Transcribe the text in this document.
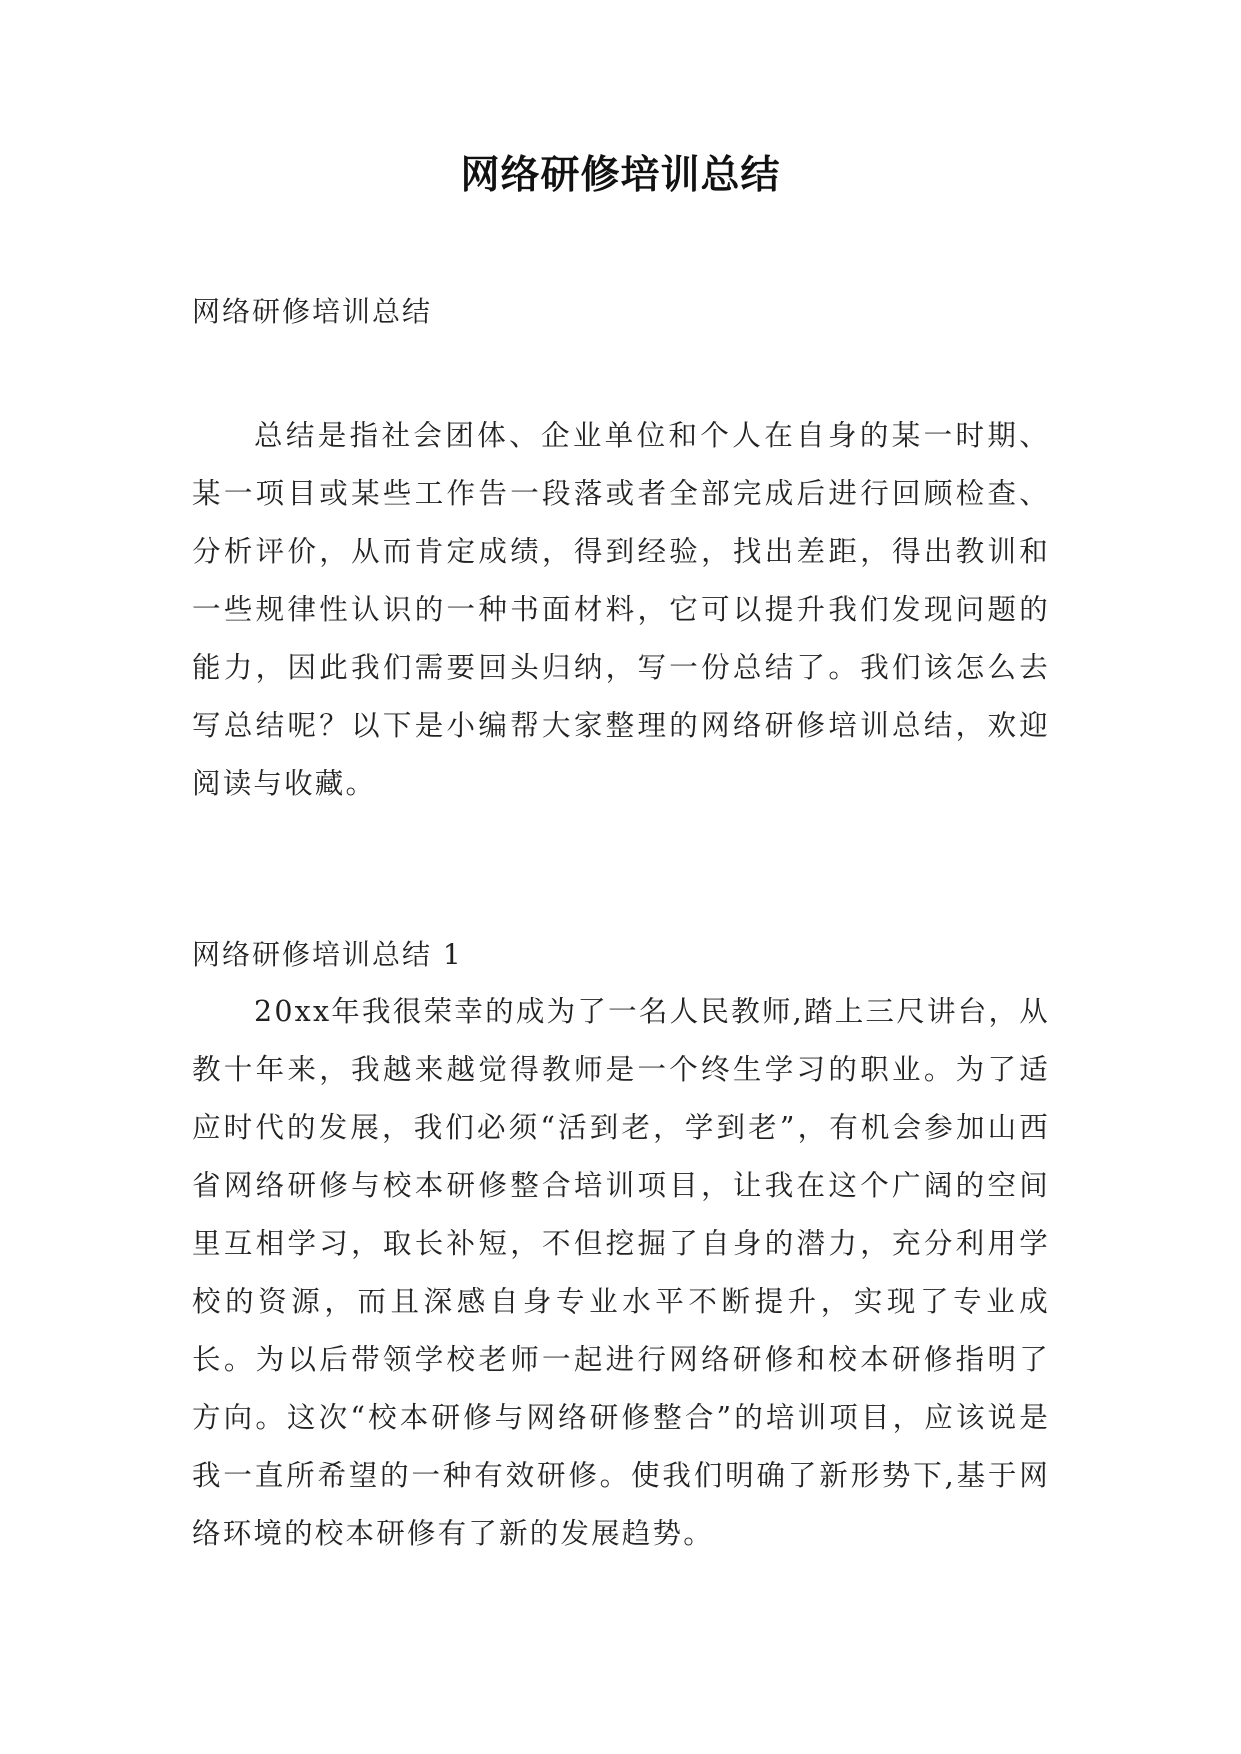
网络研修培训总结
网络研修培训总结

总结是指社会团体、企业单位和个人在自身的某一时期、某一项目或某些工作告一段落或者全部完成后进行回顾检查、分析评价，从而肯定成绩，得到经验，找出差距，得出教训和一些规律性认识的一种书面材料，它可以提升我们发现问题的能力，因此我们需要回头归纳，写一份总结了。我们该怎么去写总结呢？以下是小编帮大家整理的网络研修培训总结，欢迎阅读与收藏。

网络研修培训总结 1

20xx年我很荣幸的成为了一名人民教师,踏上三尺讲台，从教十年来，我越来越觉得教师是一个终生学习的职业。为了适应时代的发展，我们必须“活到老，学到老”，有机会参加山西省网络研修与校本研修整合培训项目，让我在这个广阔的空间里互相学习，取长补短，不但挖掘了自身的潜力，充分利用学校的资源，而且深感自身专业水平不断提升，实现了专业成长。为以后带领学校老师一起进行网络研修和校本研修指明了方向。这次“校本研修与网络研修整合”的培训项目，应该说是我一直所希望的一种有效研修。使我们明确了新形势下,基于网络环境的校本研修有了新的发展趋势。
